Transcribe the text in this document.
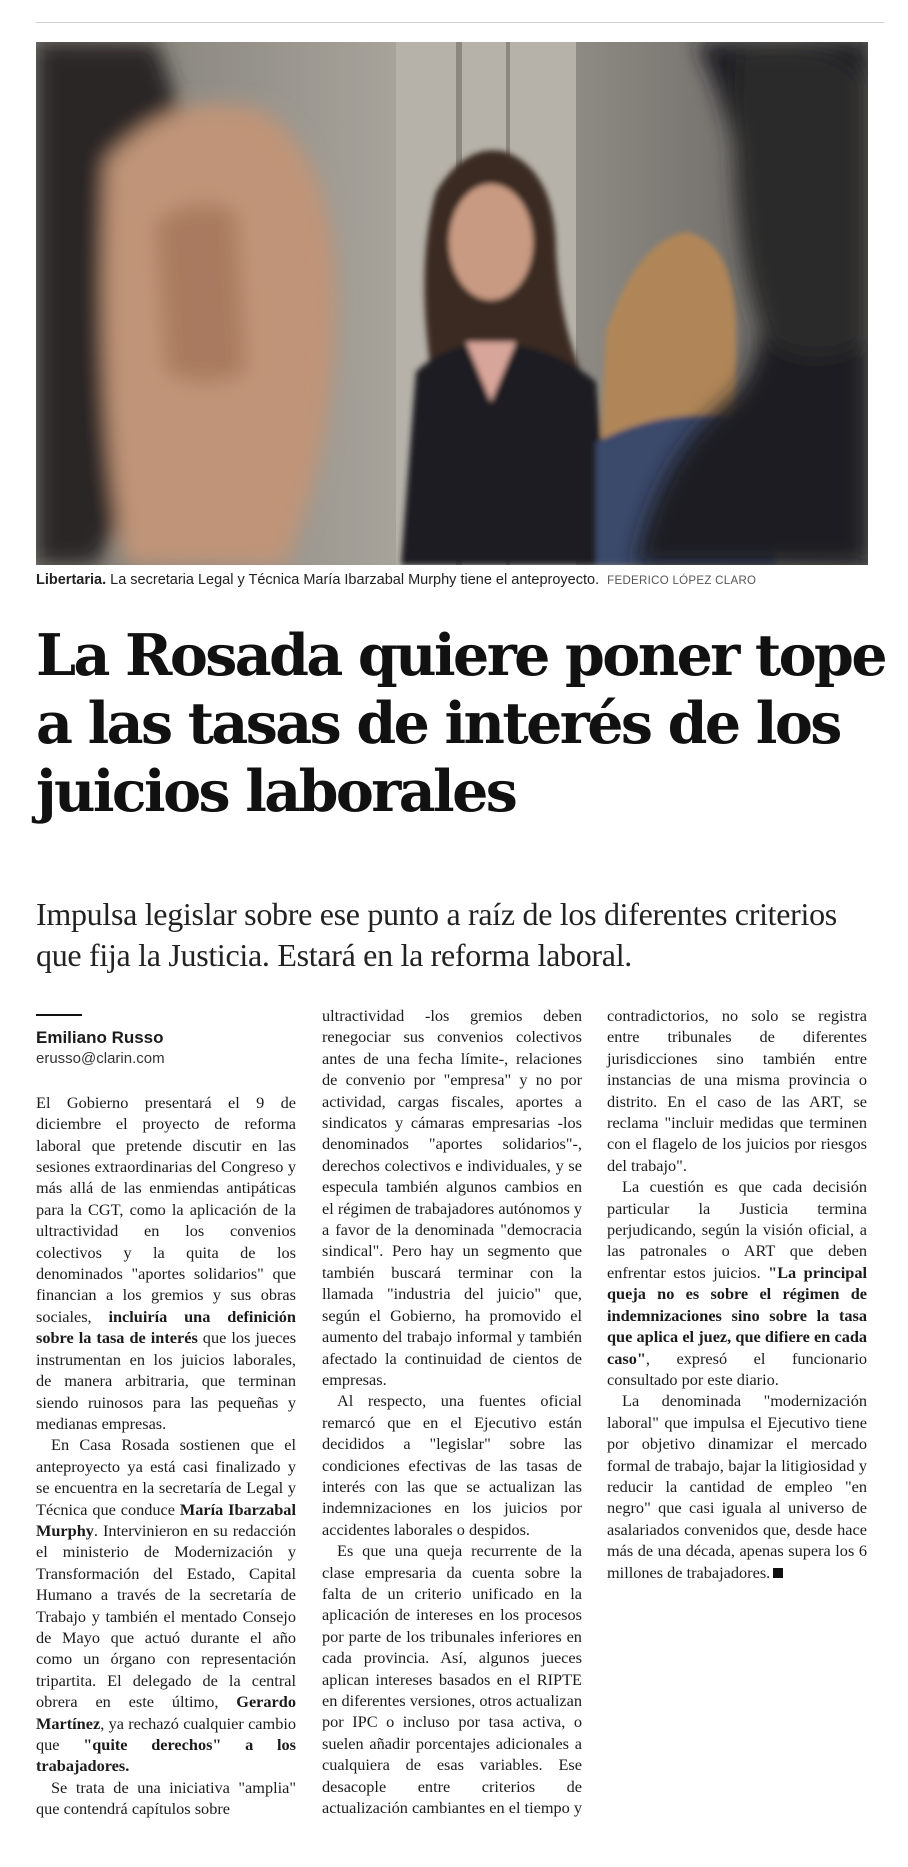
Libertaria. La secretaria Legal y Técnica María Ibarzabal Murphy tiene el anteproyecto. FEDERICO LÓPEZ CLARO
La Rosada quiere poner tope a las tasas de interés de los juicios laborales

Impulsa legislar sobre ese punto a raíz de los diferentes criterios que fija la Justicia. Estará en la reforma laboral.

Emiliano Russo

erusso@clarin.com

El Gobierno presentará el 9 de diciembre el proyecto de reforma laboral que pretende discutir en las sesiones extraordinarias del Congreso y más allá de las enmiendas antipáticas para la CGT, como la aplicación de la ultractividad en los convenios colectivos y la quita de los denominados "aportes solidarios" que financian a los gremios y sus obras sociales, incluiría una definición sobre la tasa de interés que los jueces instrumentan en los juicios laborales, de manera arbitraria, que terminan siendo ruinosos para las pequeñas y medianas empresas.

En Casa Rosada sostienen que el anteproyecto ya está casi finalizado y se encuentra en la secretaría de Legal y Técnica que conduce María Ibarzabal Murphy. Intervinieron en su redacción el ministerio de Modernización y Transformación del Estado, Capital Humano a través de la secretaría de Trabajo y también el mentado Consejo de Mayo que actuó durante el año como un órgano con representación tripartita. El delegado de la central obrera en este último, Gerardo Martínez, ya rechazó cualquier cambio que "quite derechos" a los trabajadores.

Se trata de una iniciativa "amplia" que contendrá capítulos sobre

ultractividad -los gremios deben renegociar sus convenios colectivos antes de una fecha límite-, relaciones de convenio por "empresa" y no por actividad, cargas fiscales, aportes a sindicatos y cámaras empresarias -los denominados "aportes solidarios"-, derechos colectivos e individuales, y se especula también algunos cambios en el régimen de trabajadores autónomos y a favor de la denominada "democracia sindical". Pero hay un segmento que también buscará terminar con la llamada "industria del juicio" que, según el Gobierno, ha promovido el aumento del trabajo informal y también afectado la continuidad de cientos de empresas.

Al respecto, una fuentes oficial remarcó que en el Ejecutivo están decididos a "legislar" sobre las condiciones efectivas de las tasas de interés con las que se actualizan las indemnizaciones en los juicios por accidentes laborales o despidos.

Es que una queja recurrente de la clase empresaria da cuenta sobre la falta de un criterio unificado en la aplicación de intereses en los procesos por parte de los tribunales inferiores en cada provincia. Así, algunos jueces aplican intereses basados en el RIPTE en diferentes versiones, otros actualizan por IPC o incluso por tasa activa, o suelen añadir porcentajes adicionales a cualquiera de esas variables. Ese desacople entre criterios de actualización cambiantes en el tiempo y

contradictorios, no solo se registra entre tribunales de diferentes jurisdicciones sino también entre instancias de una misma provincia o distrito. En el caso de las ART, se reclama "incluir medidas que terminen con el flagelo de los juicios por riesgos del trabajo".

La cuestión es que cada decisión particular la Justicia termina perjudicando, según la visión oficial, a las patronales o ART que deben enfrentar estos juicios. "La principal queja no es sobre el régimen de indemnizaciones sino sobre la tasa que aplica el juez, que difiere en cada caso", expresó el funcionario consultado por este diario.

La denominada "modernización laboral" que impulsa el Ejecutivo tiene por objetivo dinamizar el mercado formal de trabajo, bajar la litigiosidad y reducir la cantidad de empleo "en negro" que casi iguala al universo de asalariados convenidos que, desde hace más de una década, apenas supera los 6 millones de trabajadores.
